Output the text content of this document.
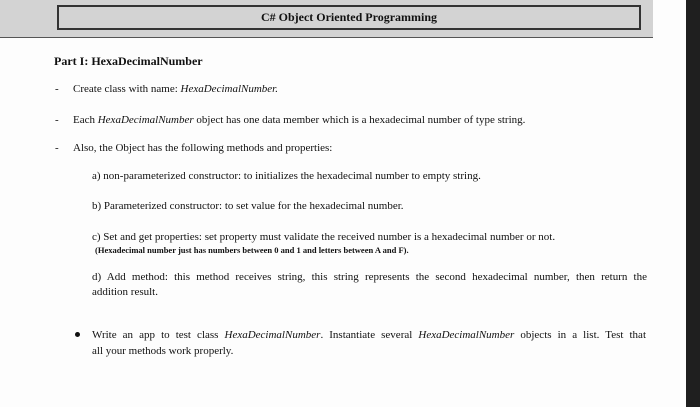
C# Object Oriented Programming
Part I: HexaDecimalNumber
- Create class with name: HexaDecimalNumber.
- Each HexaDecimalNumber object has one data member which is a hexadecimal number of type string.
- Also, the Object has the following methods and properties:
a) non-parameterized constructor: to initializes the hexadecimal number to empty string.
b) Parameterized constructor: to set value for the hexadecimal number.
c) Set and get properties: set property must validate the received number is a hexadecimal number or not.
(Hexadecimal number just has numbers between 0 and 1 and letters between A and F).
d) Add method: this method receives string, this string represents the second hexadecimal number, then return the
addition result.
Write an app to test class HexaDecimalNumber. Instantiate several HexaDecimalNumber objects in a list. Test that
all your methods work properly.
